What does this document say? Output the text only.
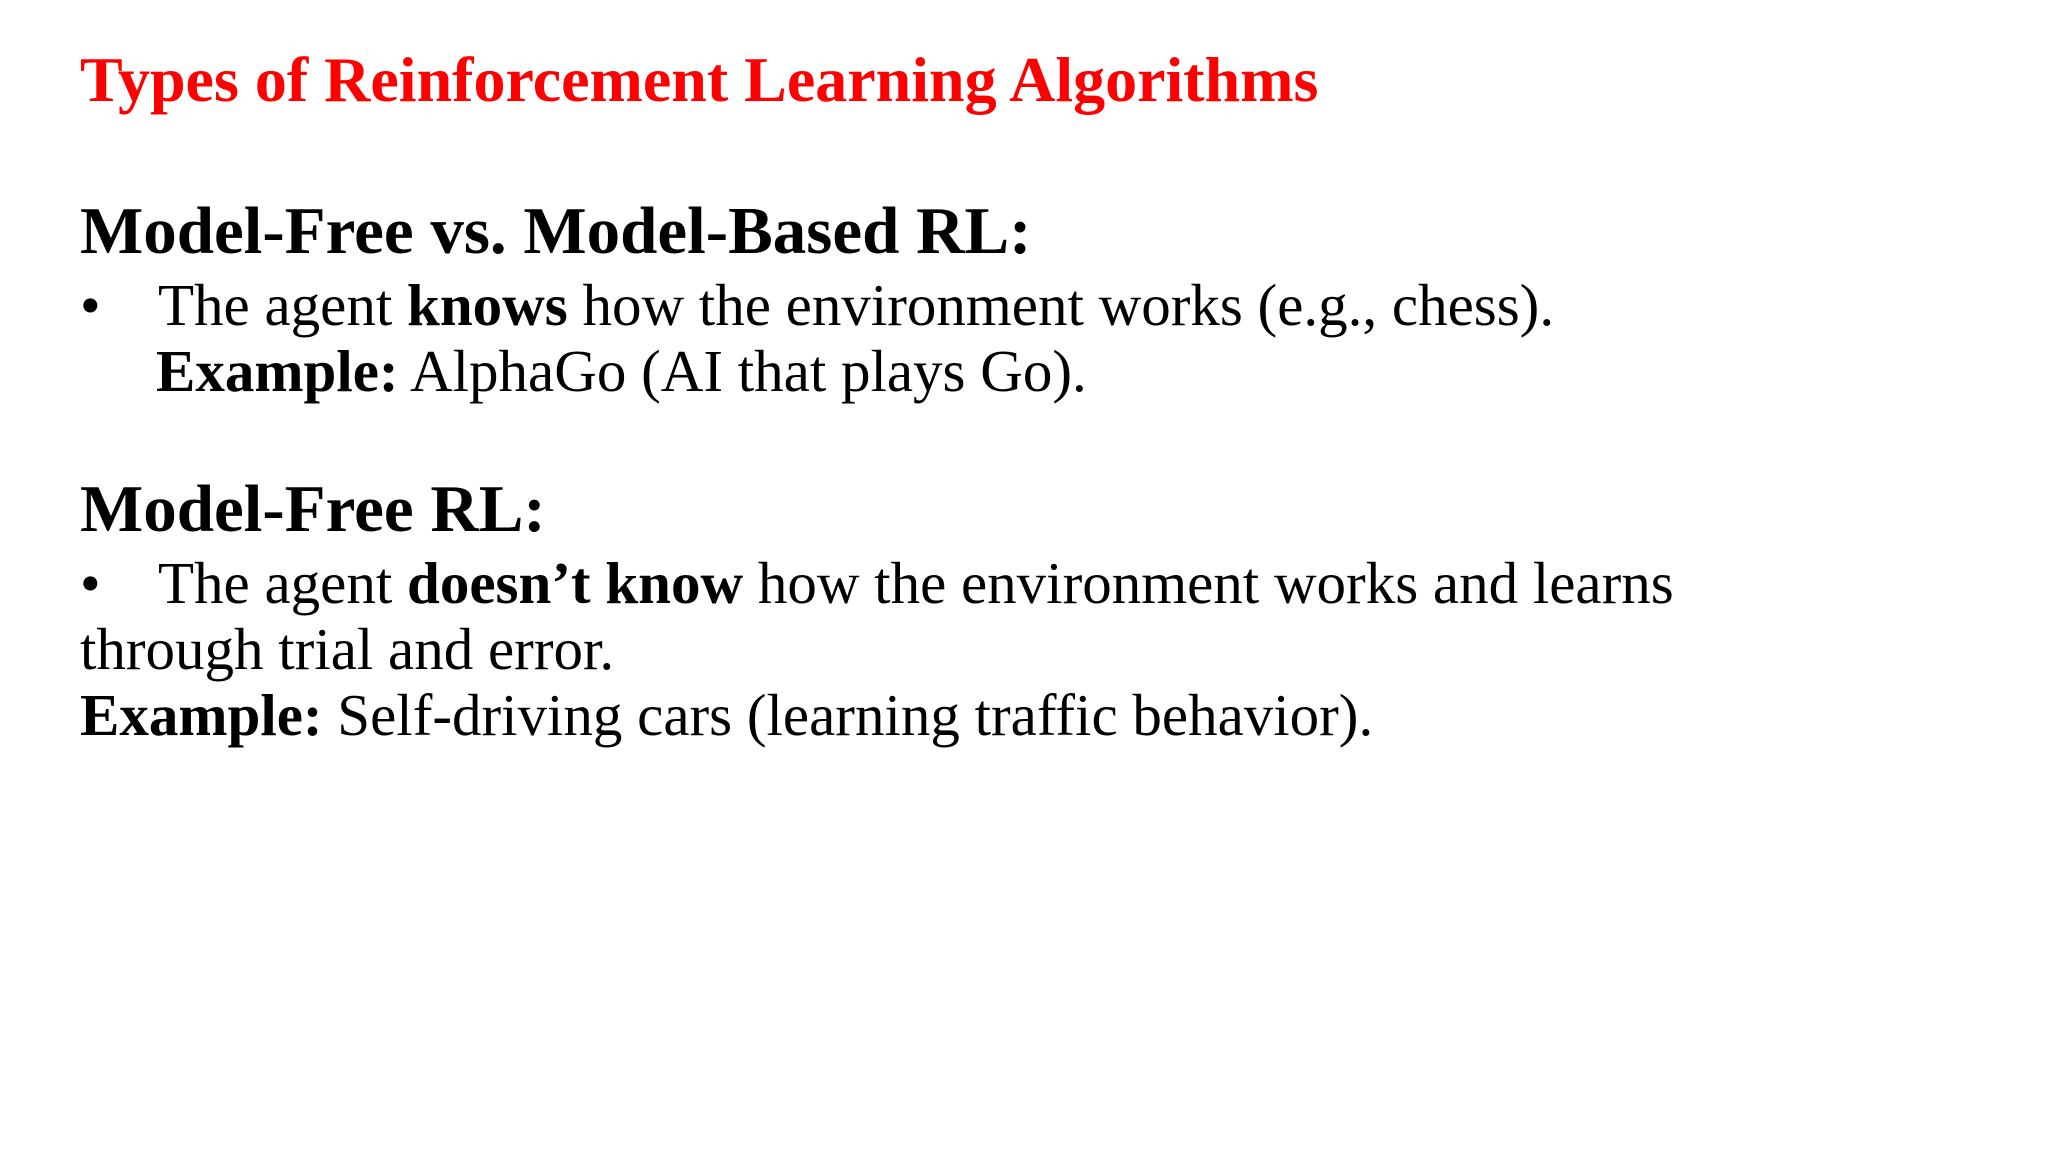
Types of Reinforcement Learning Algorithms
Model-Free vs. Model-Based RL:
• The agent knows how the environment works (e.g., chess).
Example: AlphaGo (AI that plays Go).
Model-Free RL:
• The agent doesn’t know how the environment works and learns
through trial and error.
Example: Self-driving cars (learning traffic behavior).
